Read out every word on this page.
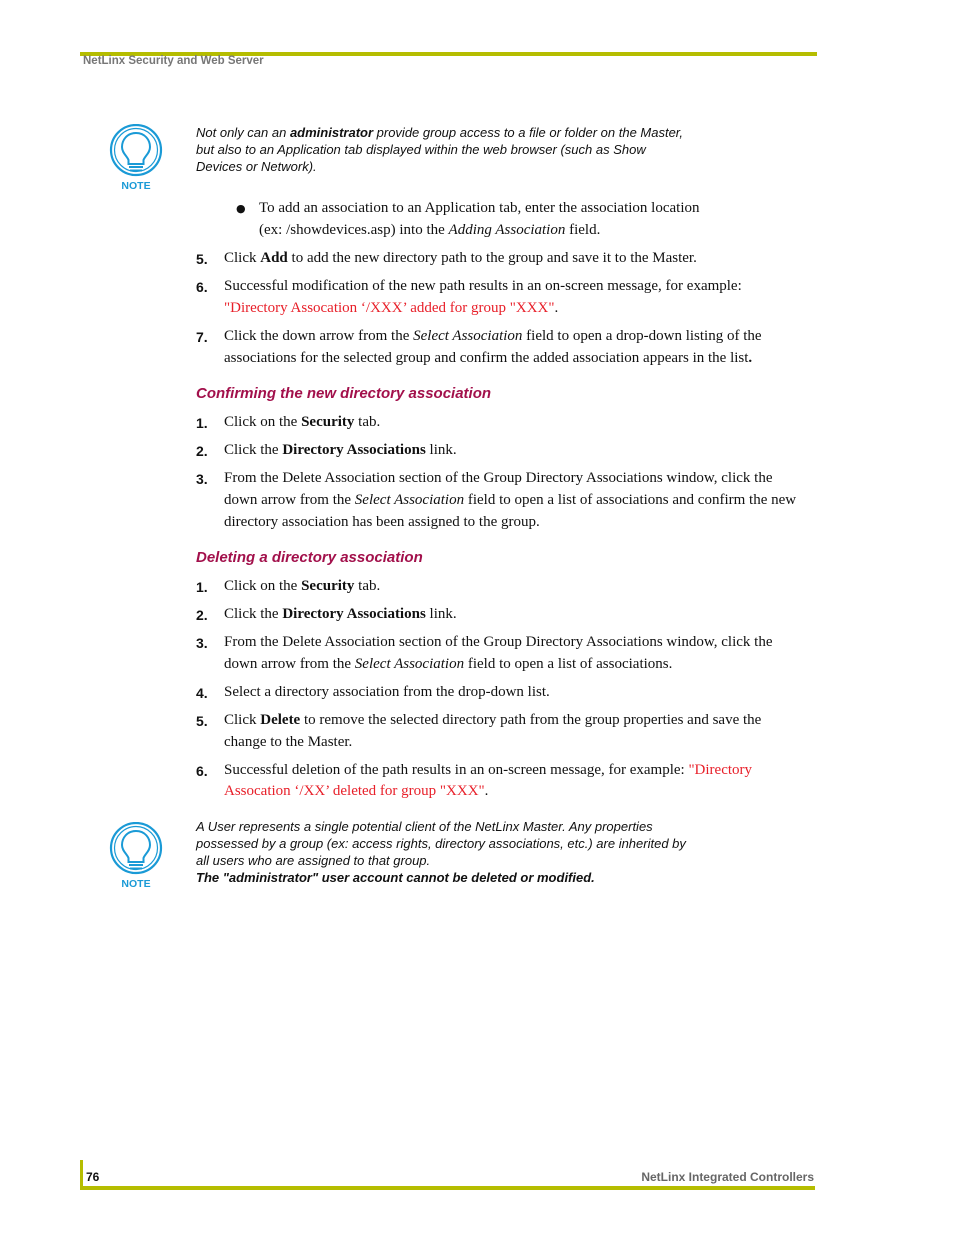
NetLinx Security and Web Server
NOTE
Not only can an administrator provide group access to a file or folder on the Master,
but also to an Application tab displayed within the web browser (such as Show
Devices or Network).
● To add an association to an Application tab, enter the association location
(ex: /showdevices.asp) into the Adding Association field.
5. Click Add to add the new directory path to the group and save it to the Master.
6. Successful modification of the new path results in an on-screen message, for example:
"Directory Assocation ‘/XXX’ added for group "XXX".
7. Click the down arrow from the Select Association field to open a drop-down listing of the
associations for the selected group and confirm the added association appears in the list.
Confirming the new directory association
1. Click on the Security tab.
2. Click the Directory Associations link.
3. From the Delete Association section of the Group Directory Associations window, click the
down arrow from the Select Association field to open a list of associations and confirm the new
directory association has been assigned to the group.
Deleting a directory association
1. Click on the Security tab.
2. Click the Directory Associations link.
3. From the Delete Association section of the Group Directory Associations window, click the
down arrow from the Select Association field to open a list of associations.
4. Select a directory association from the drop-down list.
5. Click Delete to remove the selected directory path from the group properties and save the
change to the Master.
6. Successful deletion of the path results in an on-screen message, for example: "Directory
Assocation ‘/XX’ deleted for group "XXX".
NOTE
A User represents a single potential client of the NetLinx Master. Any properties
possessed by a group (ex: access rights, directory associations, etc.) are inherited by
all users who are assigned to that group.
The "administrator" user account cannot be deleted or modified.
76	NetLinx Integrated Controllers
